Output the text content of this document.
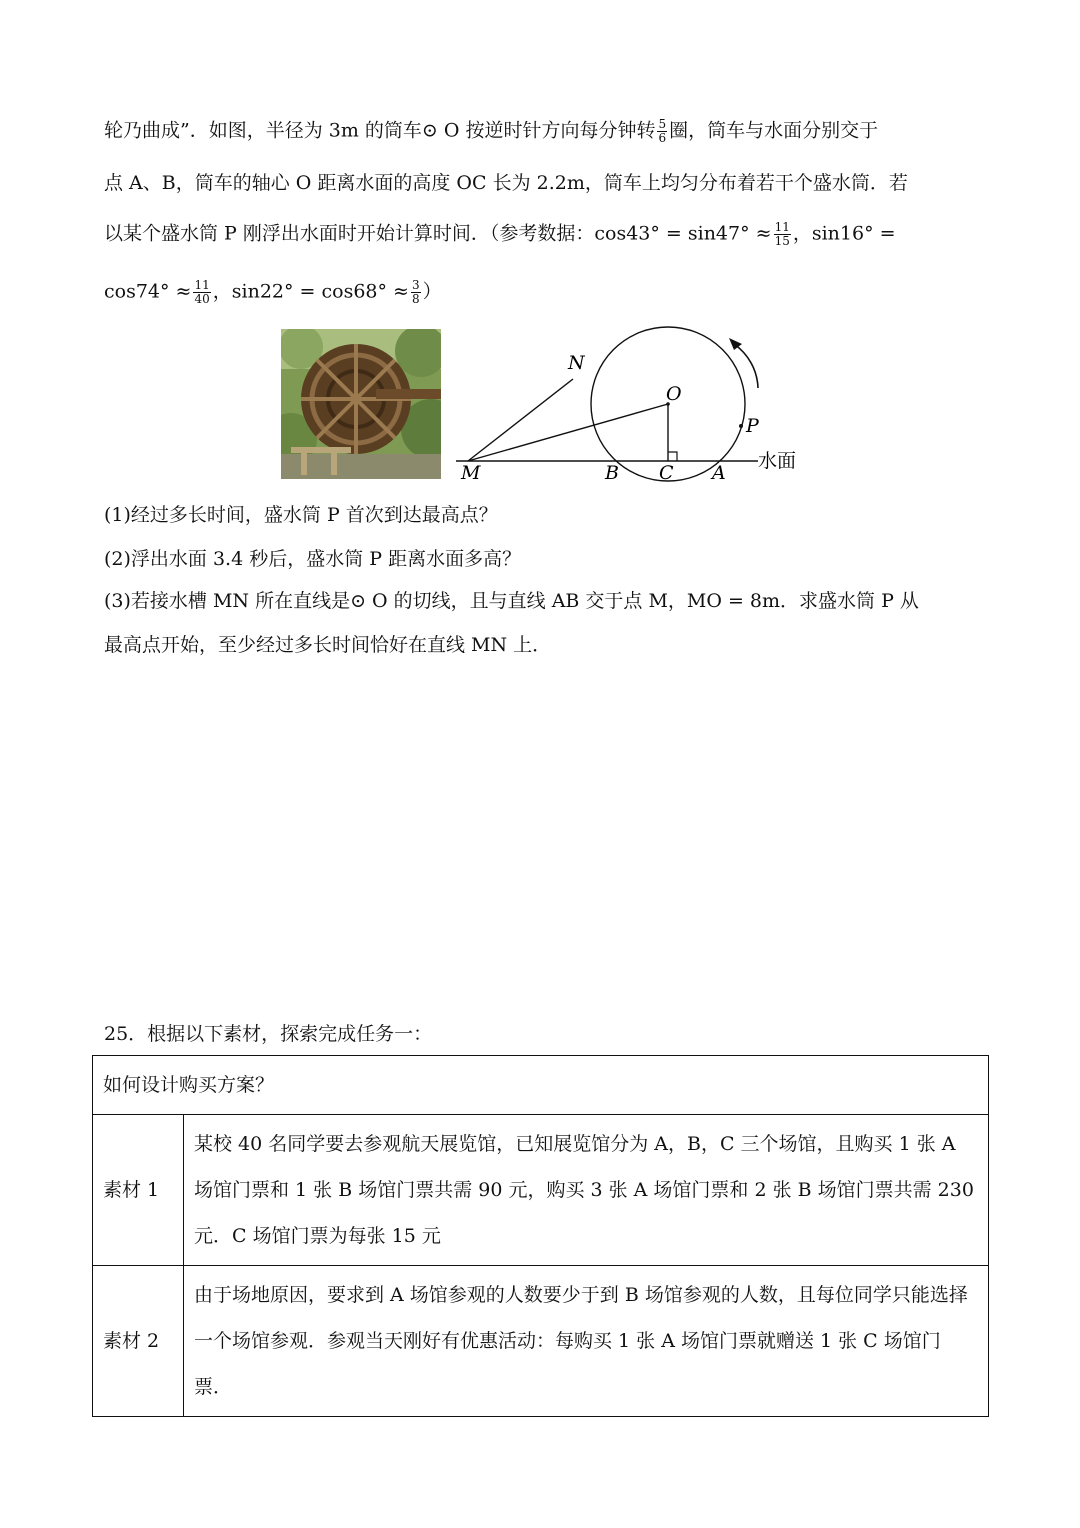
轮乃曲成”．如图，半径为 3m 的筒车⊙ O 按逆时针方向每分钟转 $\frac{5}{6}$ 圈，筒车与水面分别交于
点 A、B，筒车的轴心 O 距离水面的高度 OC 长为 2.2m，筒车上均匀分布着若干个盛水筒．若
以某个盛水筒 P 刚浮出水面时开始计算时间．（参考数据：$\cos 43^\circ = \sin 47^\circ \approx \frac{11}{15}$ ，sin16° =
$\cos 74^\circ \approx \frac{11}{40}$ ，$\sin 22^\circ = \cos 68^\circ \approx \frac{3}{8}$ ）
N
O
P
M	B C A
水面
(1)经过多长时间，盛水筒 P 首次到达最高点？
(2)浮出水面 3.4 秒后，盛水筒 P 距离水面多高？
(3)若接水槽 MN 所在直线是⊙ O 的切线，且与直线 AB 交于点 M，MO = 8m．求盛水筒 P 从
最高点开始，至少经过多长时间恰好在直线 MN 上．
25．根据以下素材，探索完成任务一：
如何设计购买方案？	
素材 1	某校 40 名同学要去参观航天展览馆，已知展览馆分为 A，B，C 三个场馆，且购买 1 张 A 场馆门票和 1 张 B 场馆门票共需 90 元，购买 3 张 A 场馆门票和 2 张 B 场馆门票共需 230 元．C 场馆门票为每张 15 元
素材 2	由于场地原因，要求到 A 场馆参观的人数要少于到 B 场馆参观的人数，且每位同学只能选择一个场馆参观．参观当天刚好有优惠活动：每购买 1 张 A 场馆门票就赠送 1 张 C 场馆门票．
